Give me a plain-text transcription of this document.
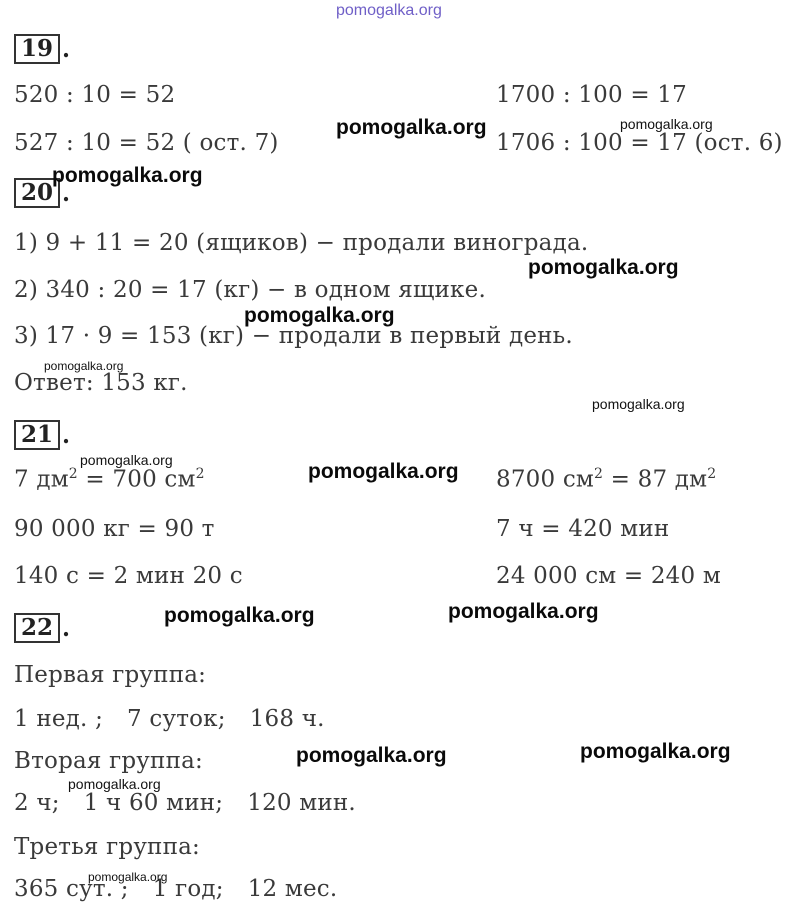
pomogalka.org
19 .
520 : 10 = 52	1700 : 100 = 17
527 : 10 = 52 ( ост. 7)	1706 : 100 = 17 (ост. 6)
20 .
1) 9 + 11 = 20 (ящиков) − продали винограда.
2) 340 : 20 = 17 (кг) − в одном ящике.
3) 17 · 9 = 153 (кг) − продали в первый день.
Ответ: 153 кг.
21 .
7 $дм^2 = 700$ $см^2$	8700 $см^2 = 87$ $дм^2$
90 000 кг = 90 т	7 ч = 420 мин
140 с = 2 мин 20 с	24 000 см = 240 м
22 .
Первая группа:
1 нед. ; 7 суток; 168 ч.
Вторая группа:
2 ч; 1 ч 60 мин; 120 мин.
Третья группа:
365 сут. ; 1 год; 12 мес.
pomogalka.org	pomogalka.org
pomogalka.org
pomogalka.org
pomogalka.org
pomogalka.org
pomogalka.org
pomogalka.org	pomogalka.org
pomogalka.org
pomogalka.org
pomogalka.org
pomogalka.org
pomogalka.org
pomogalka.org
